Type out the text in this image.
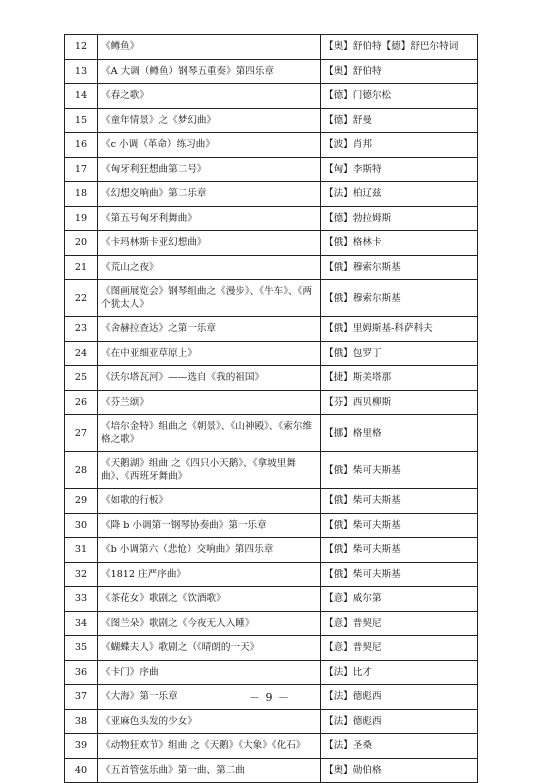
12	《鳟鱼》	【奥】舒伯特【德】舒巴尔特词
13	《A 大调（鳟鱼）钢琴五重奏》第四乐章	【奥】舒伯特
14	《春之歌》	【德】门德尔松
15	《童年情景》之《梦幻曲》	【德】舒曼
16	《c 小调（革命）练习曲》	【波】肖邦
17	《匈牙利狂想曲第二号》	【匈】李斯特
18	《幻想交响曲》第二乐章	【法】柏辽兹
19	《第五号匈牙利舞曲》	【德】勃拉姆斯
20	《卡玛林斯卡亚幻想曲》	【俄】格林卡
21	《荒山之夜》	【俄】穆索尔斯基
22	《图画展览会》钢琴组曲之《漫步》、《牛车》、《两个犹太人》	【俄】穆索尔斯基
23	《舍赫拉查达》之第一乐章	【俄】里姆斯基-科萨科夫
24	《在中亚细亚草原上》	【俄】包罗丁
25	《沃尔塔瓦河》——选自《我的祖国》	【捷】斯美塔那
26	《芬兰颂》	【芬】西贝柳斯
27	《培尔金特》组曲之《朝景》、《山神殿》、《索尔维格之歌》	【挪】格里格
28	《天鹅湖》组曲 之《四只小天鹅》、《拿坡里舞曲》、《西班牙舞曲》	【俄】柴可夫斯基
29	《如歌的行板》	【俄】柴可夫斯基
30	《降 b 小调第一钢琴协奏曲》第一乐章	【俄】柴可夫斯基
31	《b 小调第六（悲怆）交响曲》第四乐章	【俄】柴可夫斯基
32	《1812 庄严序曲》	【俄】柴可夫斯基
33	《茶花女》歌剧之《饮酒歌》	【意】威尔第
34	《图兰朵》歌剧之《今夜无人入睡》	【意】普契尼
35	《蝴蝶夫人》歌剧之（《晴朗的一天》	【意】普契尼
36	《卡门》序曲	【法】比才
37	《大海》第一乐章	【法】德彪西
38	《亚麻色头发的少女》	【法】德彪西
39	《动物狂欢节》组曲 之《天鹅》《大象》《化石》	【法】圣桑
40	《五首管弦乐曲》第一曲、第二曲	【奥】勋伯格
－ 9 －
